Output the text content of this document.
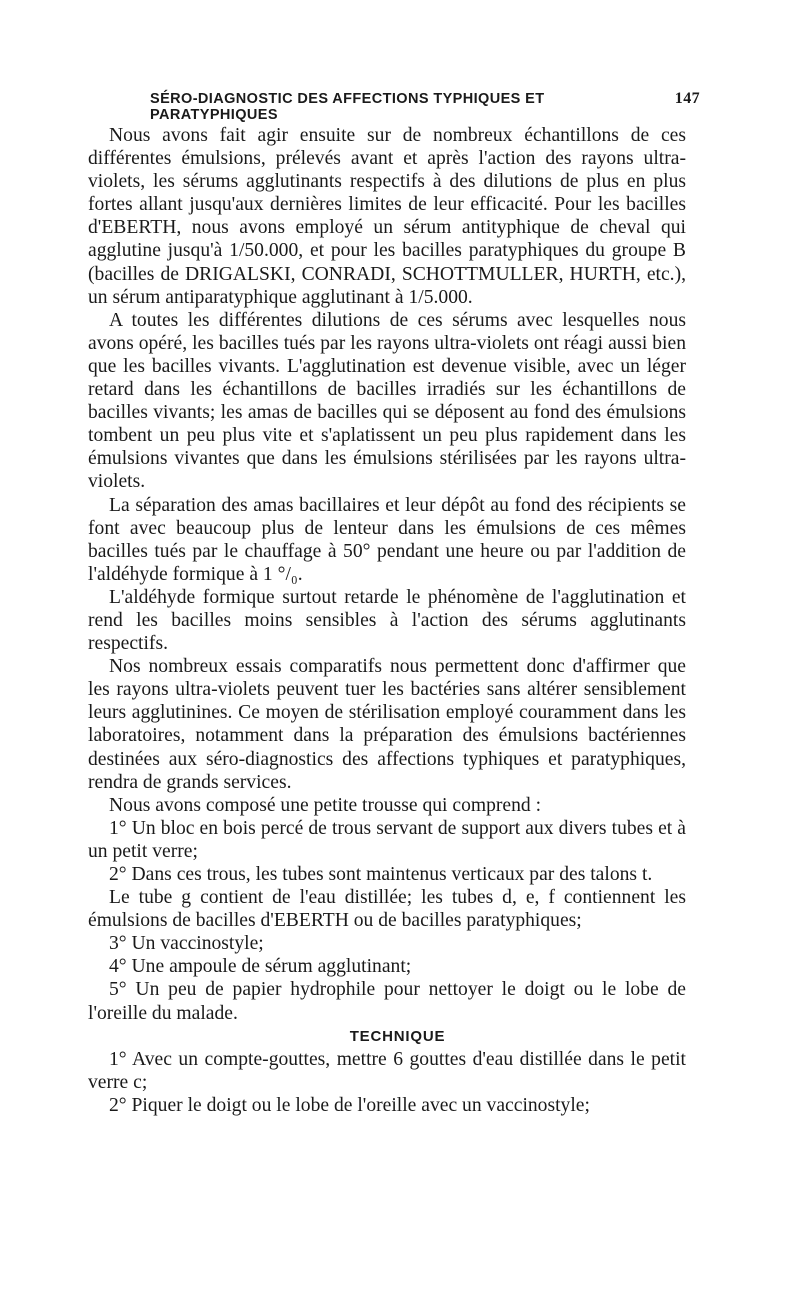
SÉRO-DIAGNOSTIC DES AFFECTIONS TYPHIQUES ET PARATYPHIQUES
147

Nous avons fait agir ensuite sur de nombreux échantillons de ces différentes émulsions, prélevés avant et après l'action des rayons ultra-violets, les sérums agglutinants respectifs à des dilutions de plus en plus fortes allant jusqu'aux dernières limites de leur efficacité. Pour les bacilles d'EBERTH, nous avons employé un sérum antityphique de cheval qui agglutine jusqu'à 1/50.000, et pour les bacilles paratyphiques du groupe B (bacilles de DRIGALSKI, CONRADI, SCHOTTMULLER, HURTH, etc.), un sérum antiparatyphique agglutinant à 1/5.000.

A toutes les différentes dilutions de ces sérums avec lesquelles nous avons opéré, les bacilles tués par les rayons ultra-violets ont réagi aussi bien que les bacilles vivants. L'agglutination est devenue visible, avec un léger retard dans les échantillons de bacilles irradiés sur les échantillons de bacilles vivants; les amas de bacilles qui se déposent au fond des émulsions tombent un peu plus vite et s'aplatissent un peu plus rapidement dans les émulsions vivantes que dans les émulsions stérilisées par les rayons ultra-violets.

La séparation des amas bacillaires et leur dépôt au fond des récipients se font avec beaucoup plus de lenteur dans les émulsions de ces mêmes bacilles tués par le chauffage à 50° pendant une heure ou par l'addition de l'aldéhyde formique à 1 °/₀.

L'aldéhyde formique surtout retarde le phénomène de l'agglutination et rend les bacilles moins sensibles à l'action des sérums agglutinants respectifs.

Nos nombreux essais comparatifs nous permettent donc d'affirmer que les rayons ultra-violets peuvent tuer les bactéries sans altérer sensiblement leurs agglutinines. Ce moyen de stérilisation employé couramment dans les laboratoires, notamment dans la préparation des émulsions bactériennes destinées aux séro-diagnostics des affections typhiques et paratyphiques, rendra de grands services.

Nous avons composé une petite trousse qui comprend :

1° Un bloc en bois percé de trous servant de support aux divers tubes et à un petit verre;

2° Dans ces trous, les tubes sont maintenus verticaux par des talons t.

Le tube g contient de l'eau distillée; les tubes d, e, f contiennent les émulsions de bacilles d'EBERTH ou de bacilles paratyphiques;

3° Un vaccinostyle;

4° Une ampoule de sérum agglutinant;

5° Un peu de papier hydrophile pour nettoyer le doigt ou le lobe de l'oreille du malade.

TECHNIQUE

1° Avec un compte-gouttes, mettre 6 gouttes d'eau distillée dans le petit verre c;

2° Piquer le doigt ou le lobe de l'oreille avec un vaccinostyle;
